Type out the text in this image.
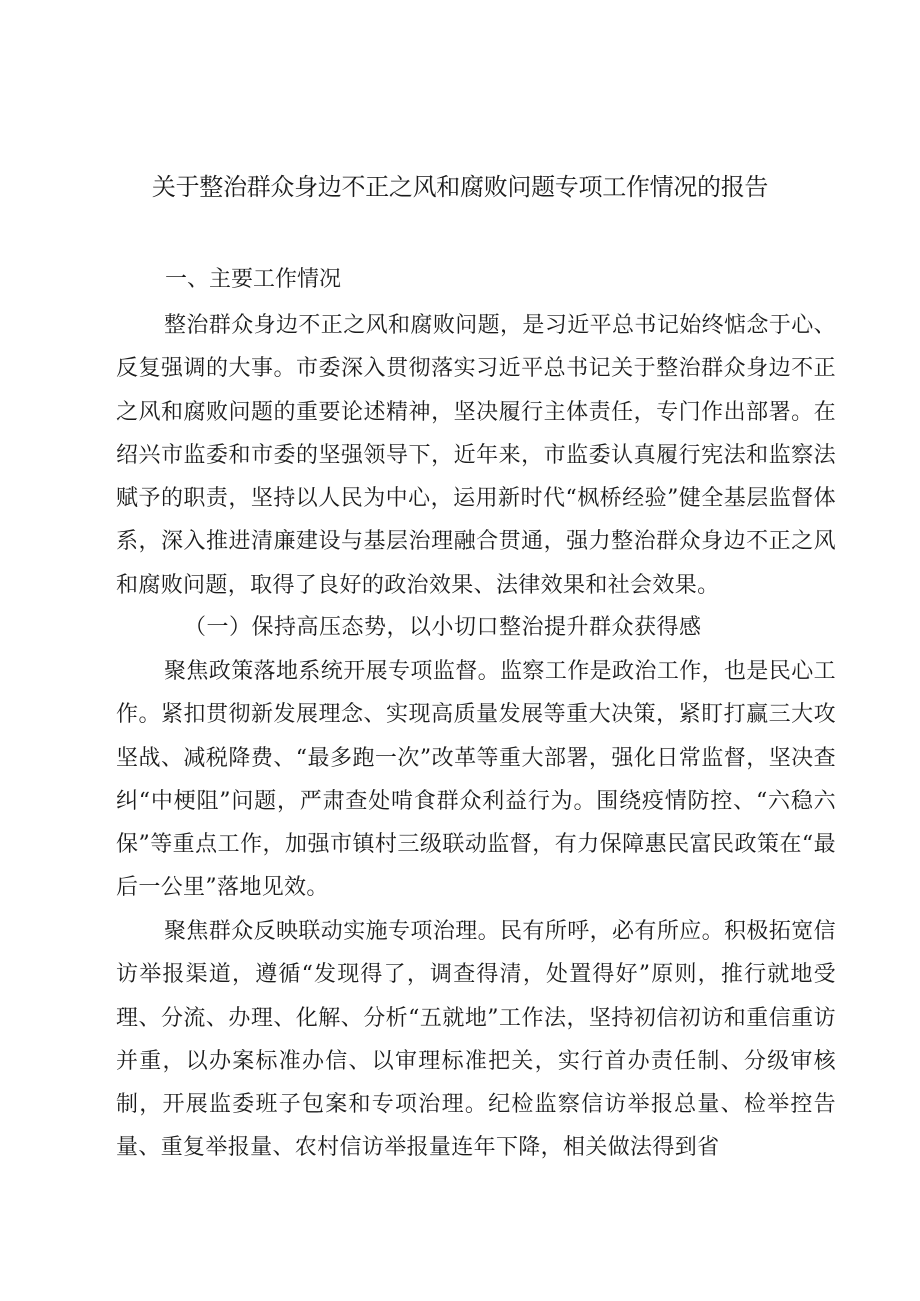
关于整治群众身边不正之风和腐败问题专项工作情况的报告
一、主要工作情况

整治群众身边不正之风和腐败问题，是习近平总书记始终惦念于心、反复强调的大事。市委深入贯彻落实习近平总书记关于整治群众身边不正之风和腐败问题的重要论述精神，坚决履行主体责任，专门作出部署。在绍兴市监委和市委的坚强领导下，近年来，市监委认真履行宪法和监察法赋予的职责，坚持以人民为中心，运用新时代“枫桥经验”健全基层监督体系，深入推进清廉建设与基层治理融合贯通，强力整治群众身边不正之风和腐败问题，取得了良好的政治效果、法律效果和社会效果。

（一）保持高压态势，以小切口整治提升群众获得感

聚焦政策落地系统开展专项监督。监察工作是政治工作，也是民心工作。紧扣贯彻新发展理念、实现高质量发展等重大决策，紧盯打赢三大攻坚战、减税降费、“最多跑一次”改革等重大部署，强化日常监督，坚决查纠“中梗阻”问题，严肃查处啃食群众利益行为。围绕疫情防控、“六稳六保”等重点工作，加强市镇村三级联动监督，有力保障惠民富民政策在“最后一公里”落地见效。

聚焦群众反映联动实施专项治理。民有所呼，必有所应。积极拓宽信访举报渠道，遵循“发现得了，调查得清，处置得好”原则，推行就地受理、分流、办理、化解、分析“五就地”工作法，坚持初信初访和重信重访并重，以办案标准办信、以审理标准把关，实行首办责任制、分级审核制，开展监委班子包案和专项治理。纪检监察信访举报总量、检举控告量、重复举报量、农村信访举报量连年下降，相关做法得到省
